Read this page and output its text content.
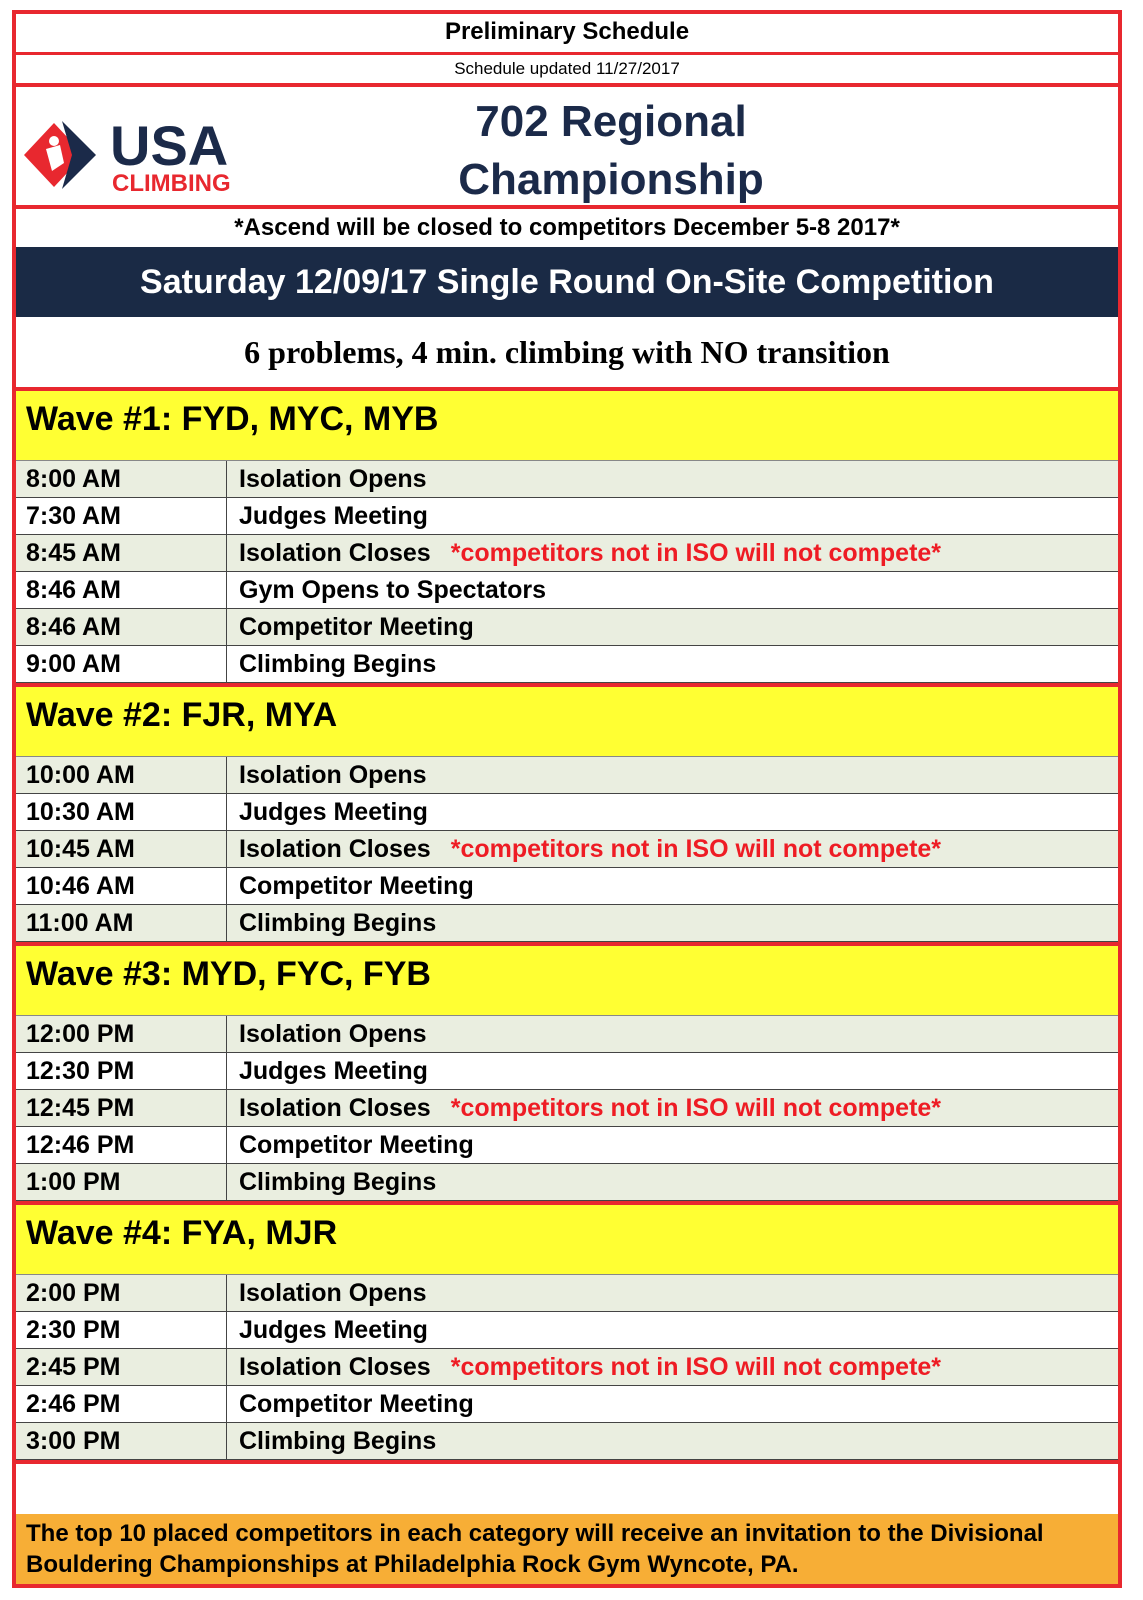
Preliminary Schedule
Schedule updated 11/27/2017
USA
CLIMBING
702 Regional
Championship
*Ascend will be closed to competitors December 5-8 2017*
Saturday 12/09/17 Single Round On-Site Competition
6 problems, 4 min. climbing with NO transition
Wave #1: FYD, MYC, MYB
8:00 AM	Isolation Opens
7:30 AM	Judges Meeting
8:45 AM	Isolation Closes *competitors not in ISO will not compete*
8:46 AM	Gym Opens to Spectators
8:46 AM	Competitor Meeting
9:00 AM	Climbing Begins
Wave #2: FJR, MYA
10:00 AM	Isolation Opens
10:30 AM	Judges Meeting
10:45 AM	Isolation Closes *competitors not in ISO will not compete*
10:46 AM	Competitor Meeting
11:00 AM	Climbing Begins
Wave #3: MYD, FYC, FYB
12:00 PM	Isolation Opens
12:30 PM	Judges Meeting
12:45 PM	Isolation Closes *competitors not in ISO will not compete*
12:46 PM	Competitor Meeting
1:00 PM	Climbing Begins
Wave #4: FYA, MJR
2:00 PM	Isolation Opens
2:30 PM	Judges Meeting
2:45 PM	Isolation Closes *competitors not in ISO will not compete*
2:46 PM	Competitor Meeting
3:00 PM	Climbing Begins
The top 10 placed competitors in each category will receive an invitation to the Divisional Bouldering Championships at Philadelphia Rock Gym Wyncote, PA.
